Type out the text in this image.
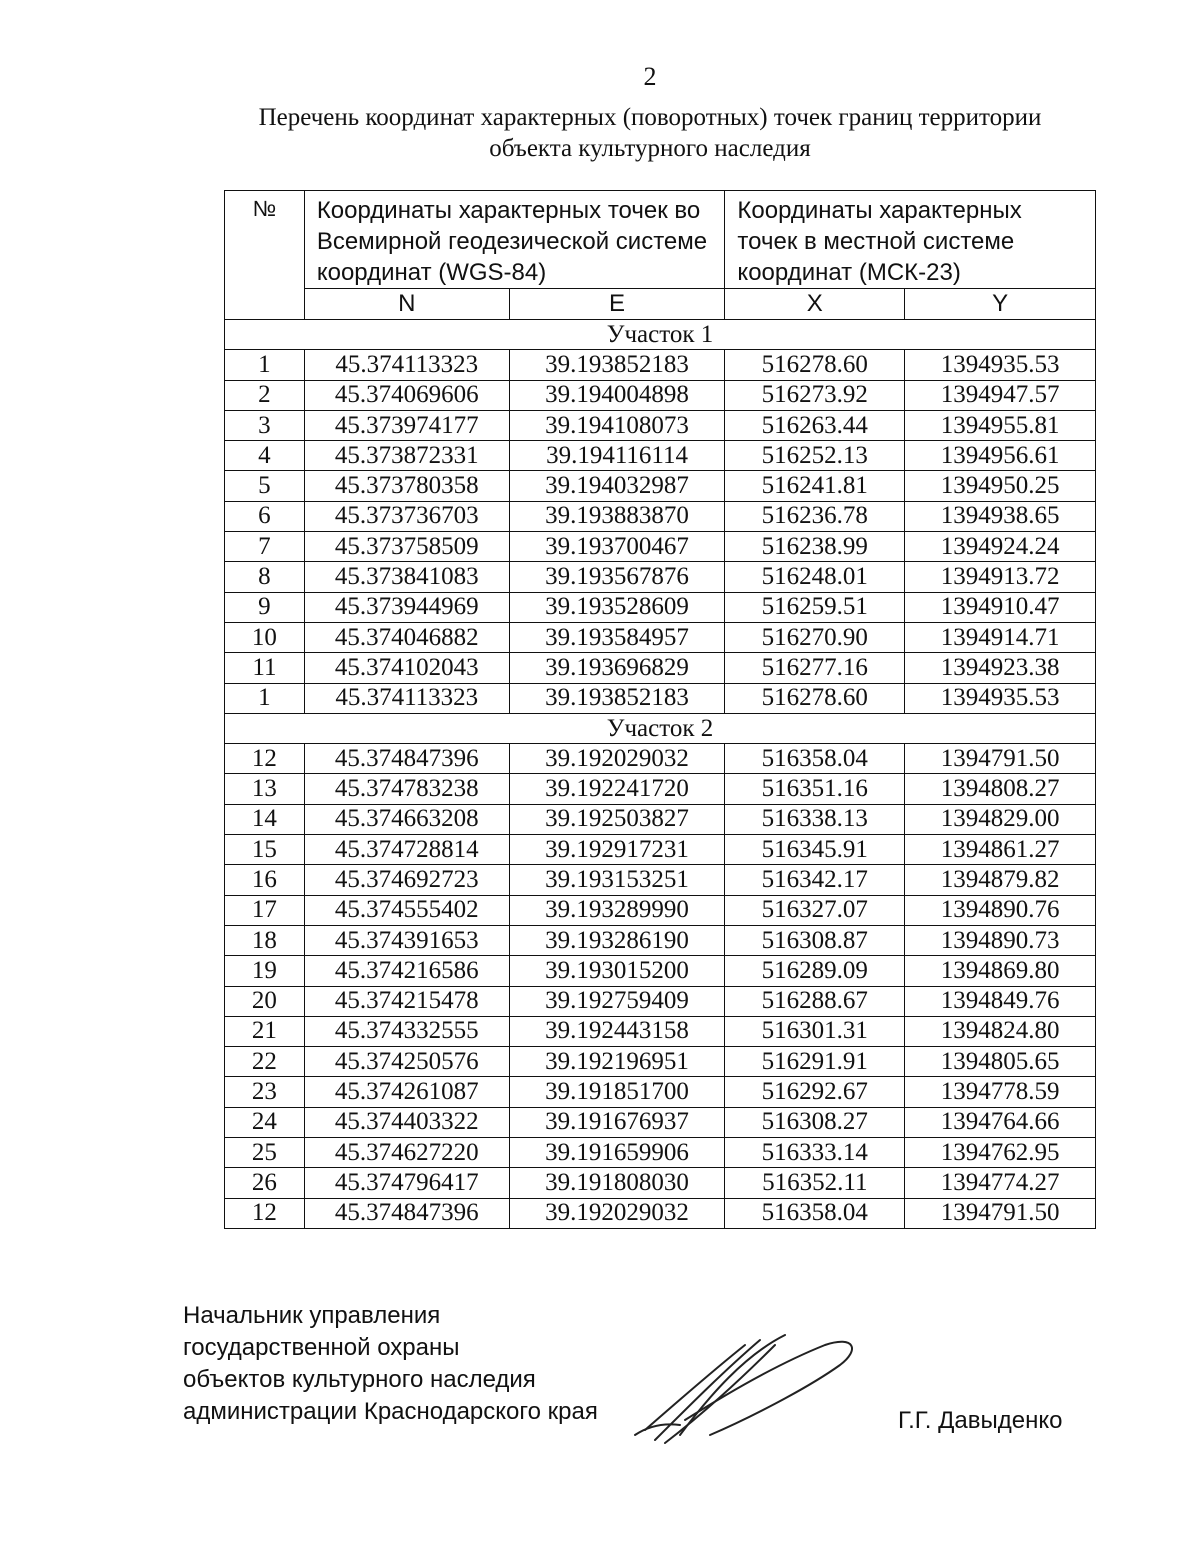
2
Перечень координат характерных (поворотных) точек границ территории
объекта культурного наследия
№	Координаты характерных точек во Всемирной геодезической системе координат (WGS-84)		Координаты характерных точек в местной системе координат (МСК-23)	
	N	E	X	Y
Участок 1				
1	45.374113323	39.193852183	516278.60	1394935.53
2	45.374069606	39.194004898	516273.92	1394947.57
3	45.373974177	39.194108073	516263.44	1394955.81
4	45.373872331	39.194116114	516252.13	1394956.61
5	45.373780358	39.194032987	516241.81	1394950.25
6	45.373736703	39.193883870	516236.78	1394938.65
7	45.373758509	39.193700467	516238.99	1394924.24
8	45.373841083	39.193567876	516248.01	1394913.72
9	45.373944969	39.193528609	516259.51	1394910.47
10	45.374046882	39.193584957	516270.90	1394914.71
11	45.374102043	39.193696829	516277.16	1394923.38
1	45.374113323	39.193852183	516278.60	1394935.53
Участок 2				
12	45.374847396	39.192029032	516358.04	1394791.50
13	45.374783238	39.192241720	516351.16	1394808.27
14	45.374663208	39.192503827	516338.13	1394829.00
15	45.374728814	39.192917231	516345.91	1394861.27
16	45.374692723	39.193153251	516342.17	1394879.82
17	45.374555402	39.193289990	516327.07	1394890.76
18	45.374391653	39.193286190	516308.87	1394890.73
19	45.374216586	39.193015200	516289.09	1394869.80
20	45.374215478	39.192759409	516288.67	1394849.76
21	45.374332555	39.192443158	516301.31	1394824.80
22	45.374250576	39.192196951	516291.91	1394805.65
23	45.374261087	39.191851700	516292.67	1394778.59
24	45.374403322	39.191676937	516308.27	1394764.66
25	45.374627220	39.191659906	516333.14	1394762.95
26	45.374796417	39.191808030	516352.11	1394774.27
12	45.374847396	39.192029032	516358.04	1394791.50
Начальник управления
государственной охраны
объектов культурного наследия
администрации Краснодарского края	Г.Г. Давыденко
